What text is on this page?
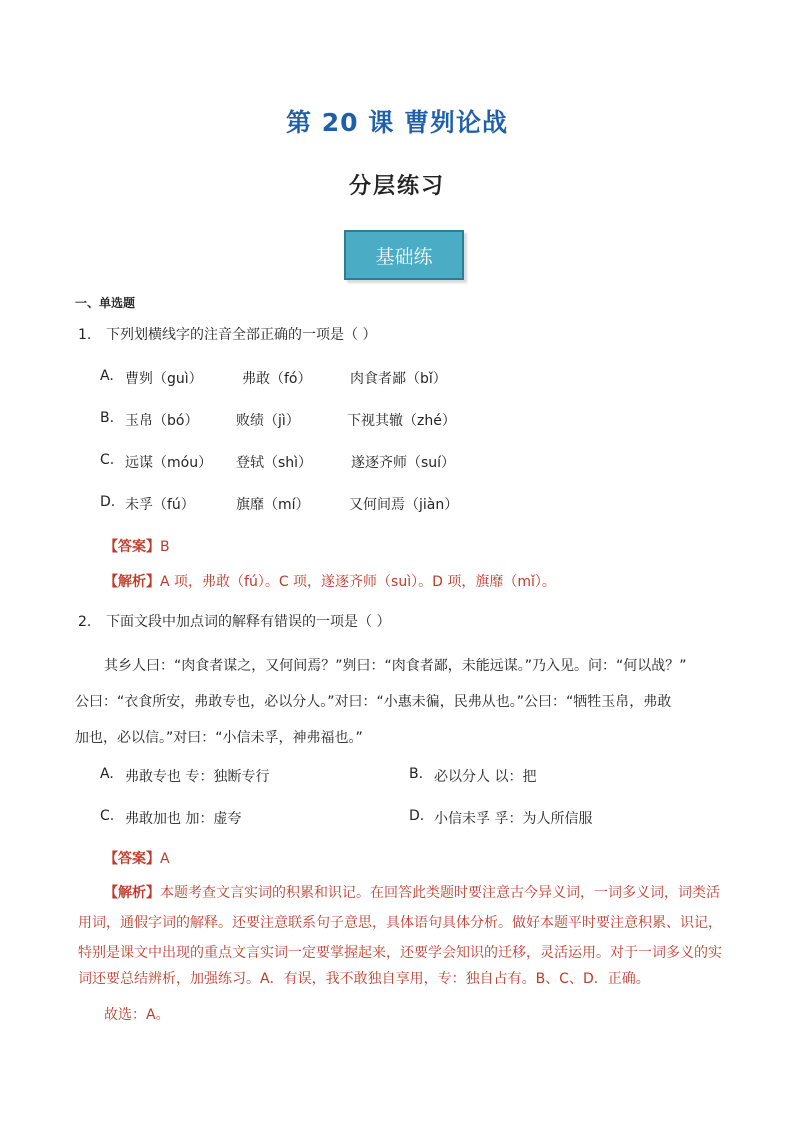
第 20 课 曹刿论战
分层练习
基础练
一、单选题
1. 下列划横线字的注音全部正确的一项是（ ）
A. 曹刿（guì）	弗敢（fó）	肉食者鄙（bǐ）
B. 玉帛（bó）	败绩（jì）	下视其辙（zhé）
C. 远谋（móu） 登轼（shì）	遂逐齐师（suí）
D. 未孚（fú）	旗靡（mí）	又何间焉（jiàn）
【答案】B
【解析】A 项，弗敢（fú）。C 项，遂逐齐师（suì）。D 项，旗靡（mǐ）。
2. 下面文段中加点词的解释有错误的一项是（ ）
其乡人曰：“肉食者谋之，又何间焉？”刿曰：“肉食者鄙，未能远谋。”乃入见。问：“何以战？”
公曰：“衣食所安，弗敢专也，必以分人。”对曰：“小惠未徧，民弗从也。”公曰：“牺牲玉帛，弗敢
加也，必以信。”对曰：“小信未孚，神弗福也。”
A. 弗敢专也 专：独断专行	B. 必以分人 以：把
C. 弗敢加也 加：虚夸	D. 小信未孚 孚：为人所信服
【答案】A
【解析】本题考查文言实词的积累和识记。在回答此类题时要注意古今异义词，一词多义词，词类活
用词，通假字词的解释。还要注意联系句子意思，具体语句具体分析。做好本题平时要注意积累、识记，
特别是课文中出现的重点文言实词一定要掌握起来，还要学会知识的迁移，灵活运用。对于一词多义的实
词还要总结辨析，加强练习。A．有误，我不敢独自享用，专：独自占有。B、C、D．正确。
故选：A。
